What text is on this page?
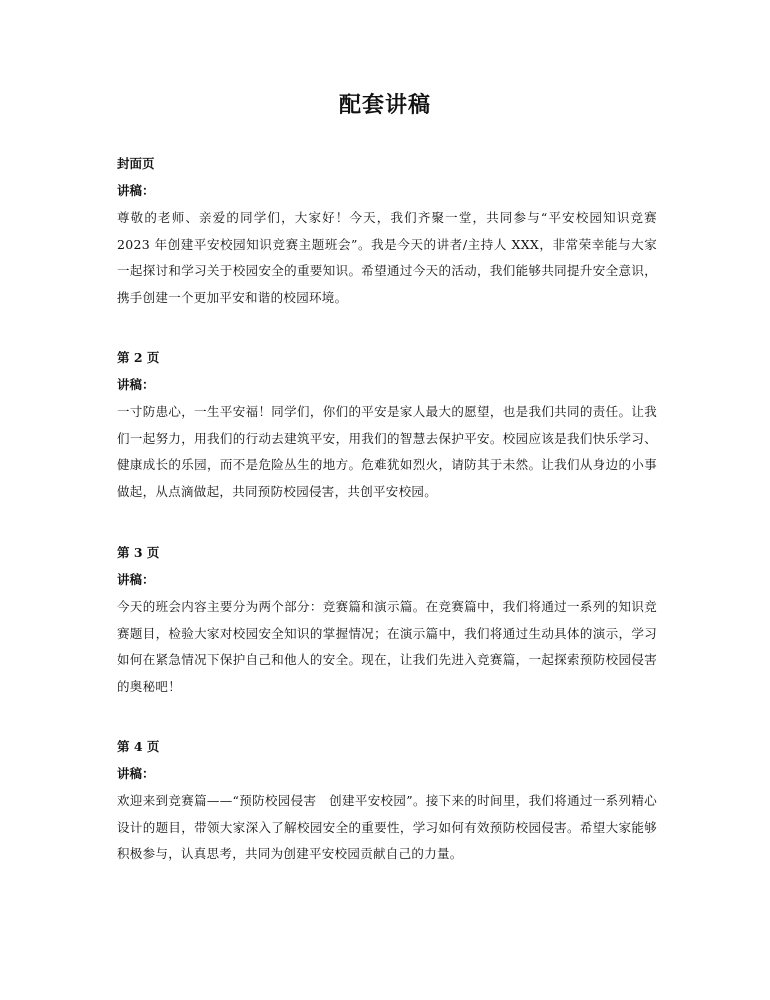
配套讲稿
封面页
讲稿：
尊敬的老师、亲爱的同学们，大家好！今天，我们齐聚一堂，共同参与“平安校园知识竞赛 2023 年创建平安校园知识竞赛主题班会”。我是今天的讲者/主持人 XXX，非常荣幸能与大家一起探讨和学习关于校园安全的重要知识。希望通过今天的活动，我们能够共同提升安全意识，携手创建一个更加平安和谐的校园环境。
第 2 页
讲稿：
一寸防患心，一生平安福！同学们，你们的平安是家人最大的愿望，也是我们共同的责任。让我们一起努力，用我们的行动去建筑平安，用我们的智慧去保护平安。校园应该是我们快乐学习、健康成长的乐园，而不是危险丛生的地方。危难犹如烈火，请防其于未然。让我们从身边的小事做起，从点滴做起，共同预防校园侵害，共创平安校园。
第 3 页
讲稿：
今天的班会内容主要分为两个部分：竞赛篇和演示篇。在竞赛篇中，我们将通过一系列的知识竞赛题目，检验大家对校园安全知识的掌握情况；在演示篇中，我们将通过生动具体的演示，学习如何在紧急情况下保护自己和他人的安全。现在，让我们先进入竞赛篇，一起探索预防校园侵害的奥秘吧！
第 4 页
讲稿：
欢迎来到竞赛篇——“预防校园侵害　创建平安校园”。接下来的时间里，我们将通过一系列精心设计的题目，带领大家深入了解校园安全的重要性，学习如何有效预防校园侵害。希望大家能够积极参与，认真思考，共同为创建平安校园贡献自己的力量。
